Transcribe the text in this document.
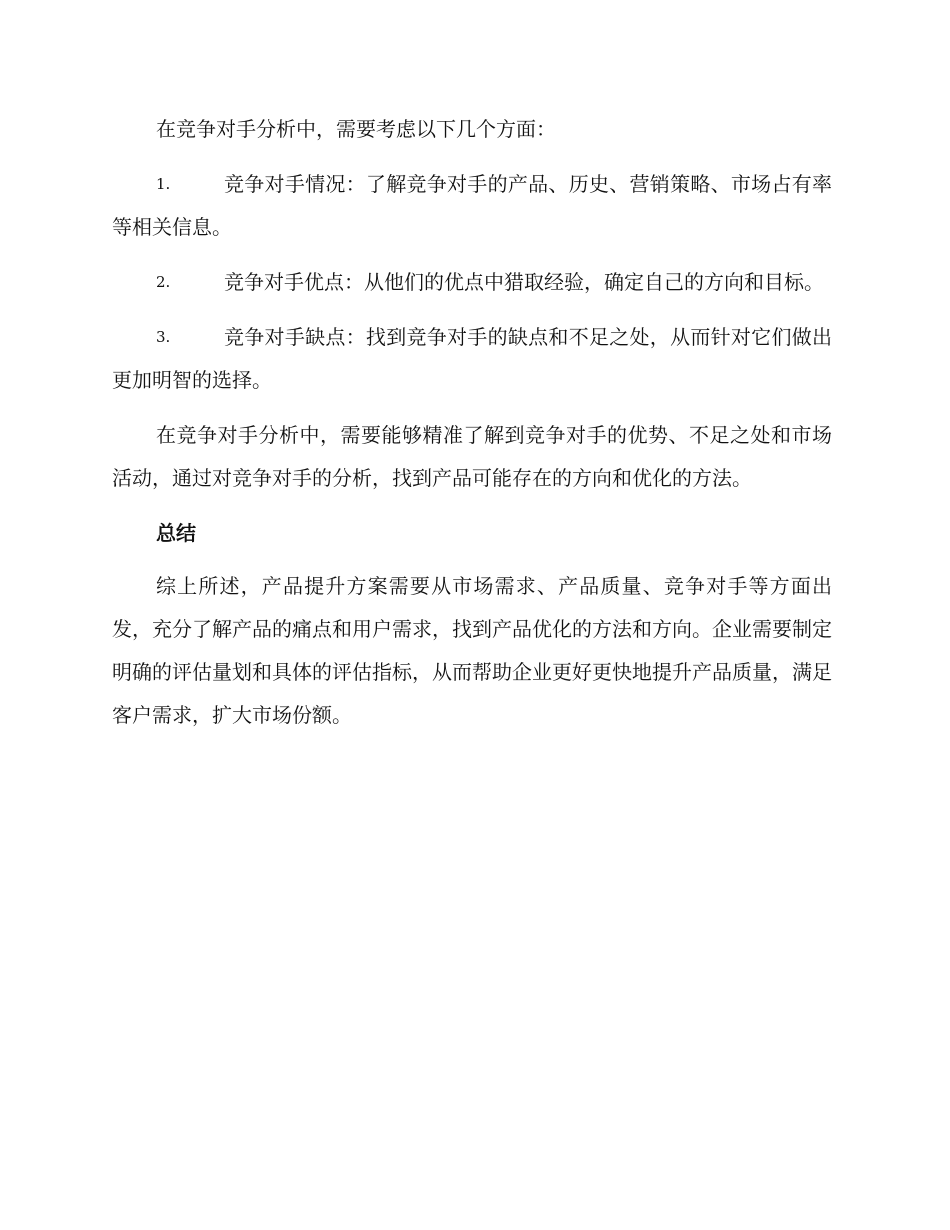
在竞争对手分析中，需要考虑以下几个方面：

1.	竞争对手情况：了解竞争对手的产品、历史、营销策略、市场占有率等相关信息。
2.	竞争对手优点：从他们的优点中猎取经验，确定自己的方向和目标。
3.	竞争对手缺点：找到竞争对手的缺点和不足之处，从而针对它们做出更加明智的选择。

在竞争对手分析中，需要能够精准了解到竞争对手的优势、不足之处和市场活动，通过对竞争对手的分析，找到产品可能存在的方向和优化的方法。

总结

综上所述，产品提升方案需要从市场需求、产品质量、竞争对手等方面出发，充分了解产品的痛点和用户需求，找到产品优化的方法和方向。企业需要制定明确的评估量划和具体的评估指标，从而帮助企业更好更快地提升产品质量，满足客户需求，扩大市场份额。
